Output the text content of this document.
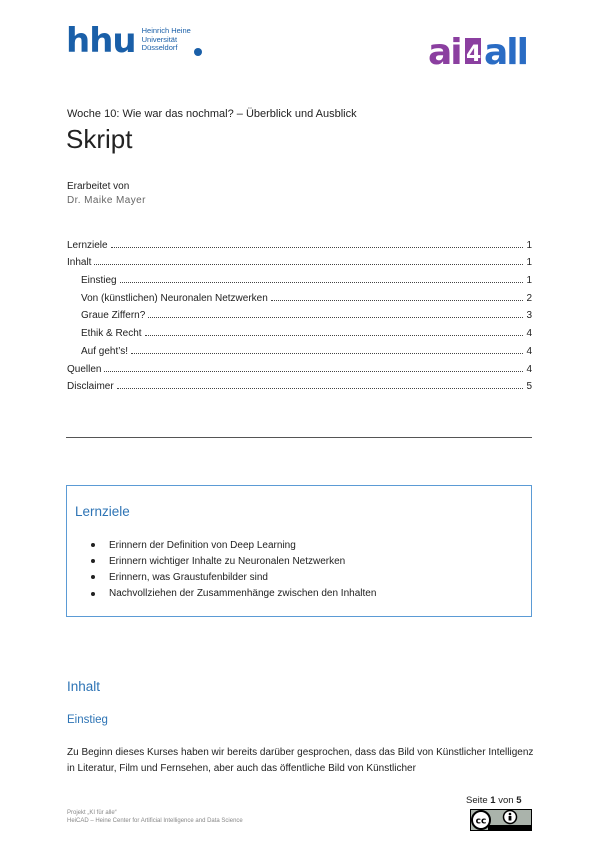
hhu Heinrich Heine
Universität
Düsseldorf	ai 4 all
Woche 10: Wie war das nochmal? – Überblick und Ausblick
Skript
Erarbeitet von
Dr. Maike Mayer
Lernziele	1
Inhalt	1
Einstieg	1
Von (künstlichen) Neuronalen Netzwerken	2
Graue Ziffern?	3
Ethik & Recht	4
Auf geht’s!	4
Quellen	4
Disclaimer	5
Lernziele
Erinnern der Definition von Deep Learning
Erinnern wichtiger Inhalte zu Neuronalen Netzwerken
Erinnern, was Graustufenbilder sind
Nachvollziehen der Zusammenhänge zwischen den Inhalten
Inhalt
Einstieg
Zu Beginn dieses Kurses haben wir bereits darüber gesprochen, dass das Bild von Künstlicher Intelligenz in Literatur, Film und Fernsehen, aber auch das öffentliche Bild von Künstlicher
Projekt „KI für alle“
HeiCAD – Heine Center for Artificial Intelligence and Data Science
Seite 1 von 5
cc
